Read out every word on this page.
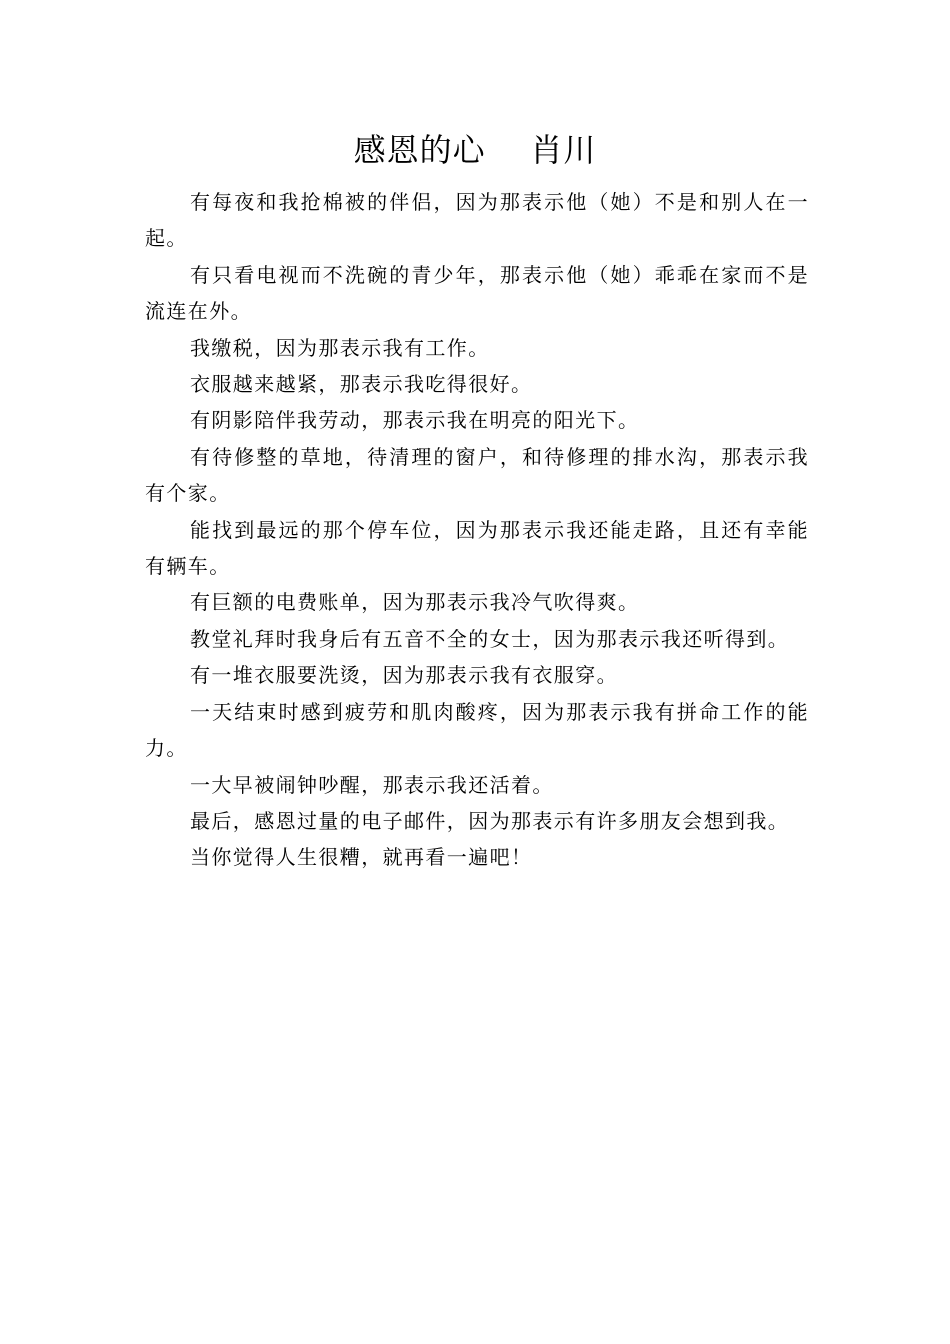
感恩的心    肖川

有每夜和我抢棉被的伴侣，因为那表示他（她）不是和别人在一起。

有只看电视而不洗碗的青少年，那表示他（她）乖乖在家而不是流连在外。

我缴税，因为那表示我有工作。

衣服越来越紧，那表示我吃得很好。

有阴影陪伴我劳动，那表示我在明亮的阳光下。

有待修整的草地，待清理的窗户，和待修理的排水沟，那表示我有个家。

能找到最远的那个停车位，因为那表示我还能走路，且还有幸能有辆车。

有巨额的电费账单，因为那表示我冷气吹得爽。

教堂礼拜时我身后有五音不全的女士，因为那表示我还听得到。

有一堆衣服要洗烫，因为那表示我有衣服穿。

一天结束时感到疲劳和肌肉酸疼，因为那表示我有拼命工作的能力。

一大早被闹钟吵醒，那表示我还活着。

最后，感恩过量的电子邮件，因为那表示有许多朋友会想到我。

当你觉得人生很糟，就再看一遍吧！
